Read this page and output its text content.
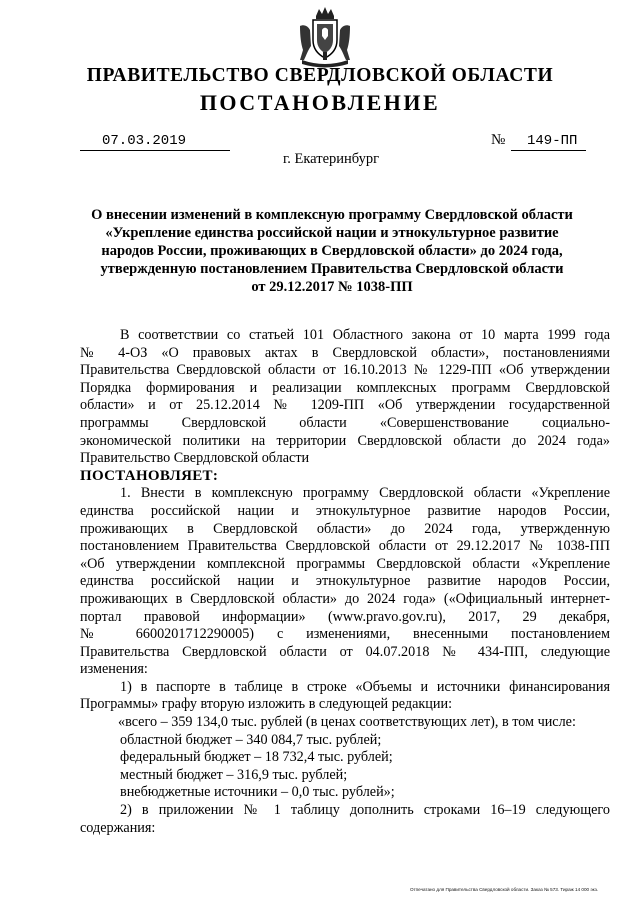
ПРАВИТЕЛЬСТВО СВЕРДЛОВСКОЙ ОБЛАСТИ
ПОСТАНОВЛЕНИЕ
07.03.2019	№	149-ПП
г. Екатеринбург
О внесении изменений в комплексную программу Свердловской области
«Укрепление единства российской нации и этнокультурное развитие
народов России, проживающих в Свердловской области» до 2024 года,
утвержденную постановлением Правительства Свердловской области
от 29.12.2017 № 1038-ПП
В соответствии со статьей 101 Областного закона от 10 марта 1999 года
№ 4-ОЗ «О правовых актах в Свердловской области», постановлениями
Правительства Свердловской области от 16.10.2013 № 1229-ПП «Об утверждении
Порядка формирования и реализации комплексных программ Свердловской
области» и от 25.12.2014 № 1209-ПП «Об утверждении государственной
программы Свердловской области «Совершенствование социально-
экономической политики на территории Свердловской области до 2024 года»
Правительство Свердловской области
ПОСТАНОВЛЯЕТ:
1. Внести в комплексную программу Свердловской области «Укрепление
единства российской нации и этнокультурное развитие народов России,
проживающих в Свердловской области» до 2024 года, утвержденную
постановлением Правительства Свердловской области от 29.12.2017 № 1038-ПП
«Об утверждении комплексной программы Свердловской области «Укрепление
единства российской нации и этнокультурное развитие народов России,
проживающих в Свердловской области» до 2024 года» («Официальный интернет-
портал правовой информации» (www.pravo.gov.ru), 2017, 29 декабря,
№ 6600201712290005) с изменениями, внесенными постановлением
Правительства Свердловской области от 04.07.2018 № 434-ПП, следующие
изменения:
1) в паспорте в таблице в строке «Объемы и источники финансирования
Программы» графу вторую изложить в следующей редакции:
«всего – 359 134,0 тыс. рублей (в ценах соответствующих лет), в том числе:
областной бюджет – 340 084,7 тыс. рублей;
федеральный бюджет – 18 732,4 тыс. рублей;
местный бюджет – 316,9 тыс. рублей;
внебюджетные источники – 0,0 тыс. рублей»;
2) в приложении № 1 таблицу дополнить строками 16–19 следующего
содержания:
Отпечатано для Правительства Свердловской области. Заказ № 573. Тираж 14 000 экз.
